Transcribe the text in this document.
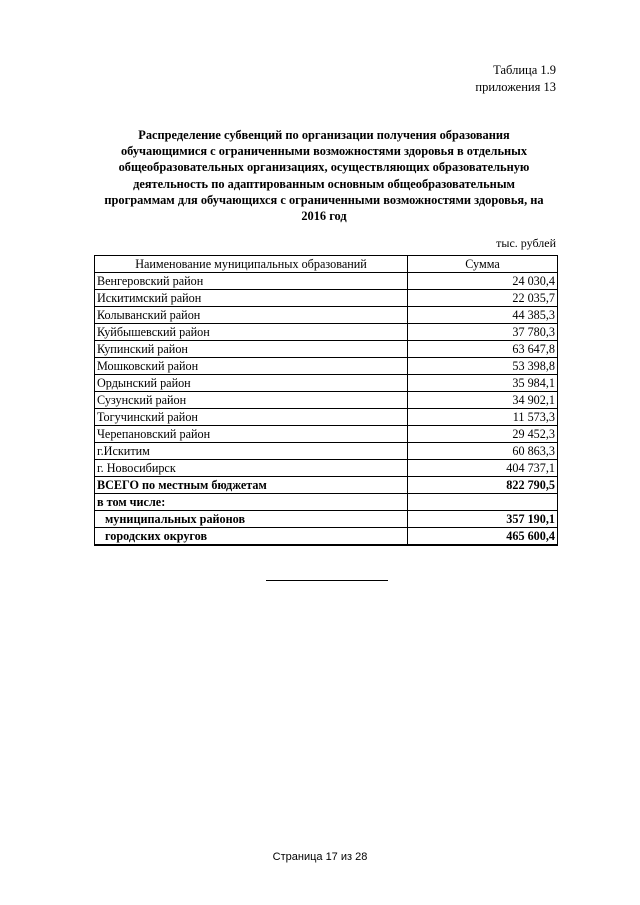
Таблица 1.9
приложения 13
Распределение субвенций по организации получения образования
обучающимися с ограниченными возможностями здоровья в отдельных
общеобразовательных организациях, осуществляющих образовательную
деятельность по адаптированным основным общеобразовательным
программам для обучающихся с ограниченными возможностями здоровья, на
2016 год
тыс. рублей
Наименование муниципальных образований	Сумма
Венгеровский район	24 030,4
Искитимский район	22 035,7
Колыванский район	44 385,3
Куйбышевский район	37 780,3
Купинский район	63 647,8
Мошковский район	53 398,8
Ордынский район	35 984,1
Сузунский район	34 902,1
Тогучинский район	11 573,3
Черепановский район	29 452,3
г.Искитим	60 863,3
г. Новосибирск	404 737,1
ВСЕГО по местным бюджетам	822 790,5
в том числе:	
муниципальных районов	357 190,1
городских округов	465 600,4
Страница 17 из 28
